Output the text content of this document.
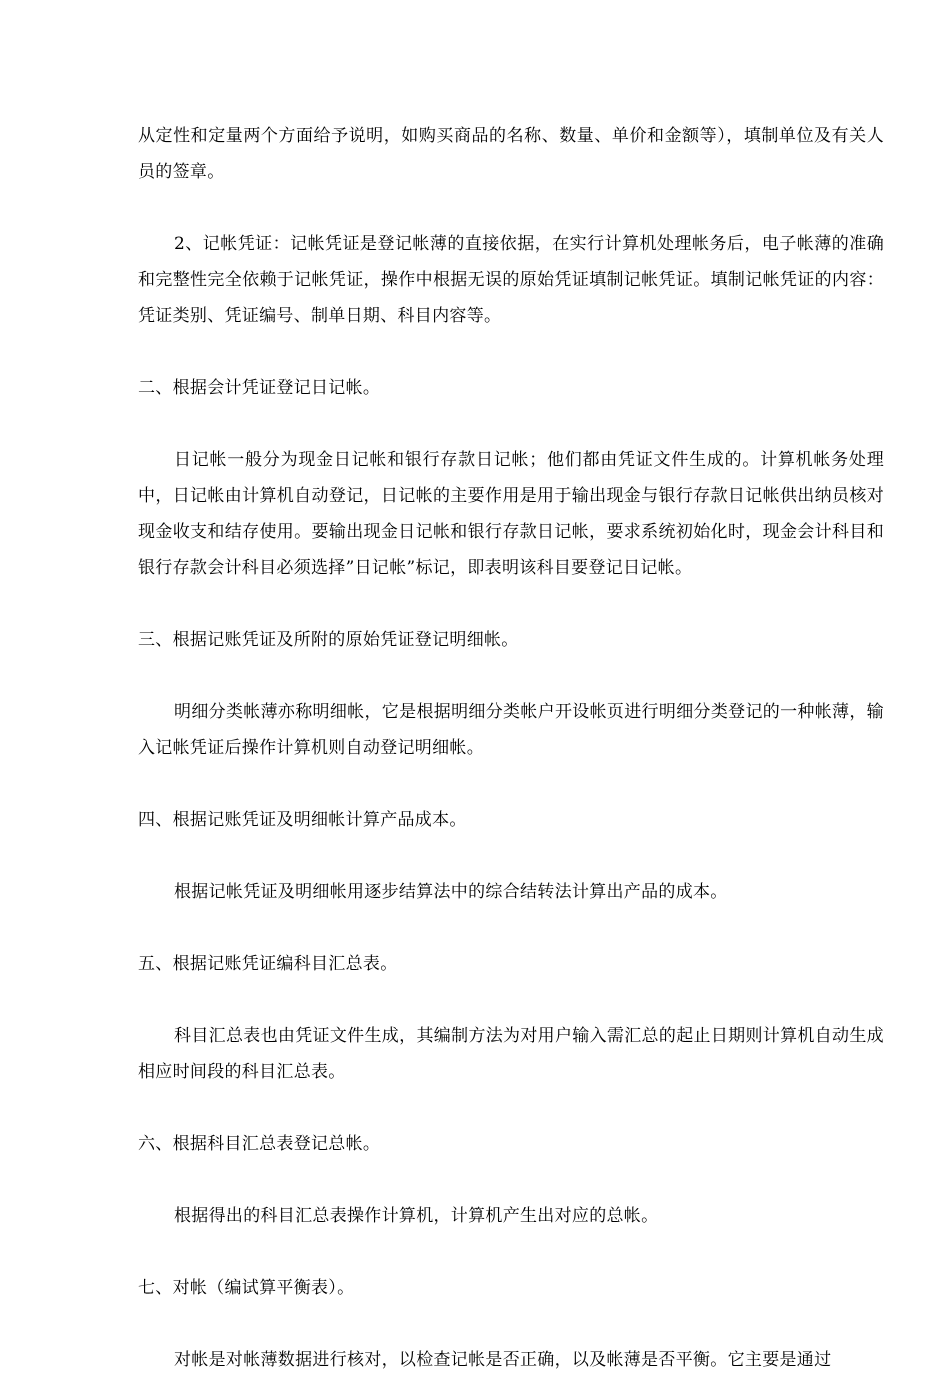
从定性和定量两个方面给予说明，如购买商品的名称、数量、单价和金额等），填制单位及有关人员的签章。

2、记帐凭证：记帐凭证是登记帐薄的直接依据，在实行计算机处理帐务后，电子帐薄的准确和完整性完全依赖于记帐凭证，操作中根据无误的原始凭证填制记帐凭证。填制记帐凭证的内容：凭证类别、凭证编号、制单日期、科目内容等。

二、根据会计凭证登记日记帐。

日记帐一般分为现金日记帐和银行存款日记帐；他们都由凭证文件生成的。计算机帐务处理中，日记帐由计算机自动登记，日记帐的主要作用是用于输出现金与银行存款日记帐供出纳员核对现金收支和结存使用。要输出现金日记帐和银行存款日记帐，要求系统初始化时，现金会计科目和银行存款会计科目必须选择”日记帐”标记，即表明该科目要登记日记帐。

三、根据记账凭证及所附的原始凭证登记明细帐。

明细分类帐薄亦称明细帐，它是根据明细分类帐户开设帐页进行明细分类登记的一种帐薄，输入记帐凭证后操作计算机则自动登记明细帐。

四、根据记账凭证及明细帐计算产品成本。

根据记帐凭证及明细帐用逐步结算法中的综合结转法计算出产品的成本。

五、根据记账凭证编科目汇总表。

科目汇总表也由凭证文件生成，其编制方法为对用户输入需汇总的起止日期则计算机自动生成相应时间段的科目汇总表。

六、根据科目汇总表登记总帐。

根据得出的科目汇总表操作计算机，计算机产生出对应的总帐。

七、对帐（编试算平衡表）。

对帐是对帐薄数据进行核对，以检查记帐是否正确，以及帐薄是否平衡。它主要是通过
